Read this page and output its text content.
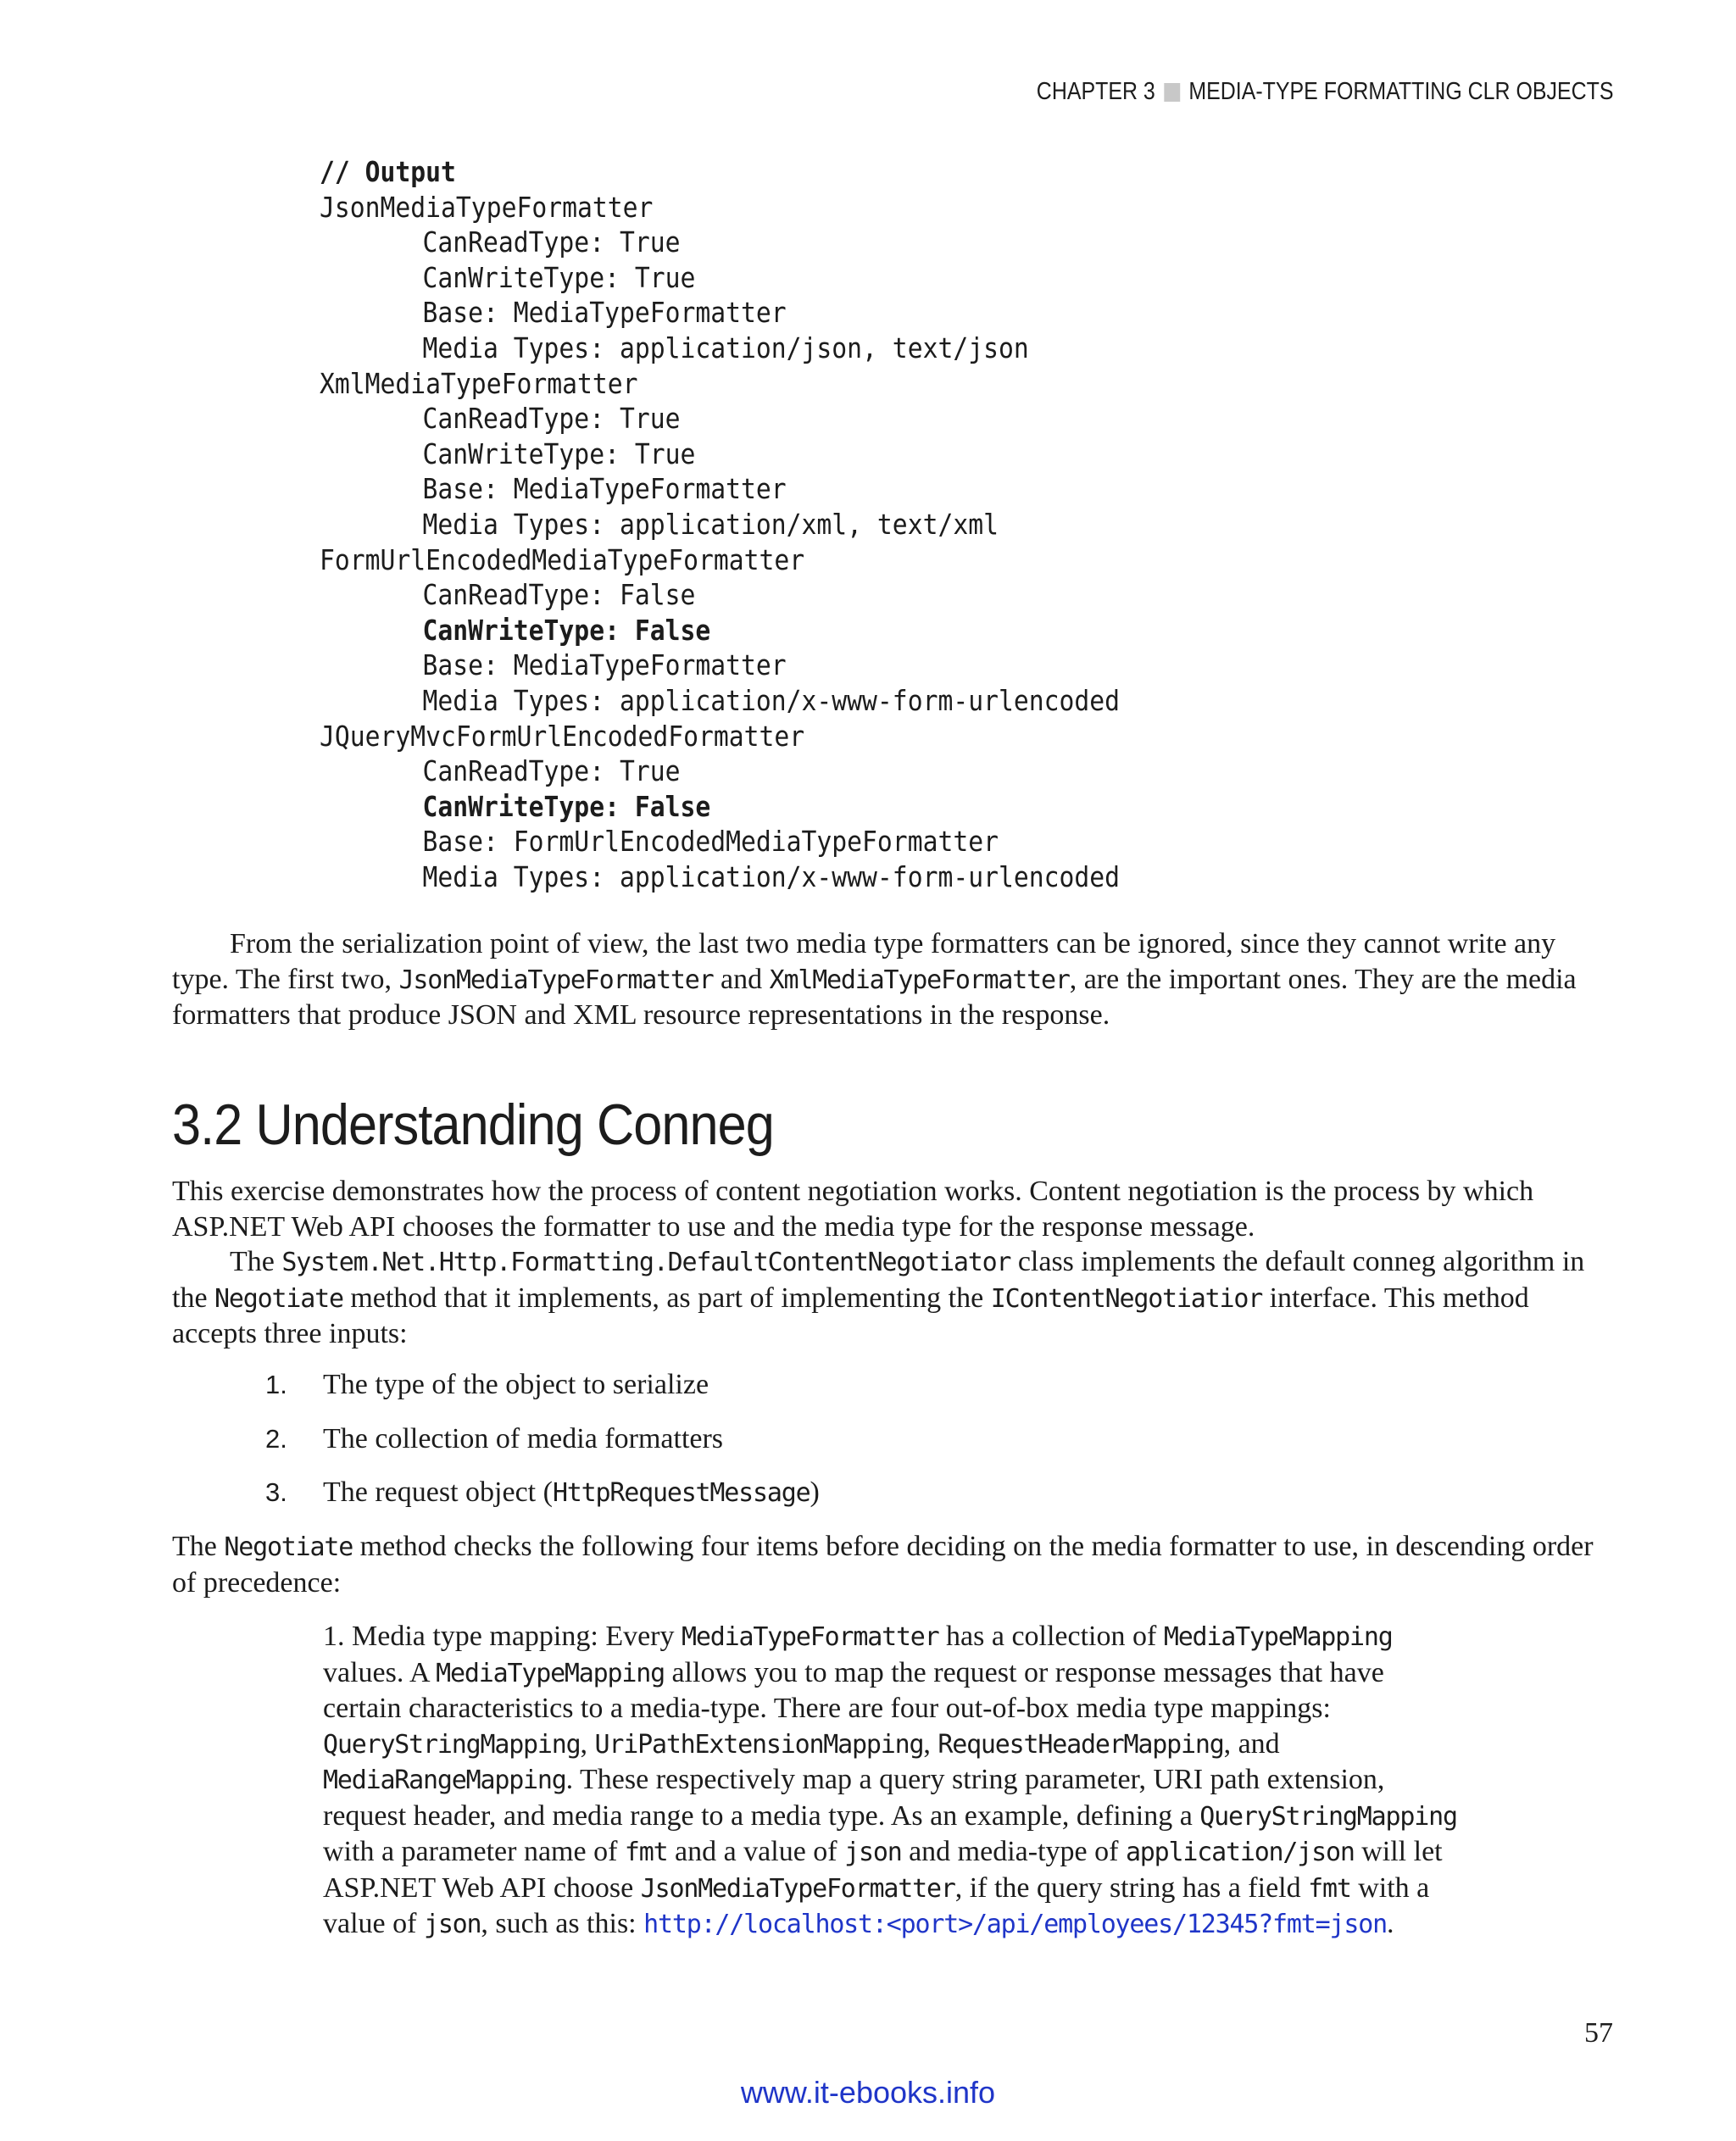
CHAPTER 3 MEDIA-TYPE FORMATTING CLR OBJECTS
// Output
JsonMediaTypeFormatter
CanReadType: True
CanWriteType: True
Base: MediaTypeFormatter
Media Types: application/json, text/json
XmlMediaTypeFormatter
CanReadType: True
CanWriteType: True
Base: MediaTypeFormatter
Media Types: application/xml, text/xml
FormUrlEncodedMediaTypeFormatter
CanReadType: False
CanWriteType: False
Base: MediaTypeFormatter
Media Types: application/x-www-form-urlencoded
JQueryMvcFormUrlEncodedFormatter
CanReadType: True
CanWriteType: False
Base: FormUrlEncodedMediaTypeFormatter
Media Types: application/x-www-form-urlencoded

From the serialization point of view, the last two media type formatters can be ignored, since they cannot write any type. The first two, JsonMediaTypeFormatter and XmlMediaTypeFormatter, are the important ones. They are the media formatters that produce JSON and XML resource representations in the response.

3.2 Understanding Conneg

This exercise demonstrates how the process of content negotiation works. Content negotiation is the process by which ASP.NET Web API chooses the formatter to use and the media type for the response message.

The System.Net.Http.Formatting.DefaultContentNegotiator class implements the default conneg algorithm in the Negotiate method that it implements, as part of implementing the IContentNegotiatior interface. This method accepts three inputs:

1. The type of the object to serialize
2. The collection of media formatters
3. The request object (HttpRequestMessage)

The Negotiate method checks the following four items before deciding on the media formatter to use, in descending order of precedence:

1. Media type mapping: Every MediaTypeFormatter has a collection of MediaTypeMapping values. A MediaTypeMapping allows you to map the request or response messages that have certain characteristics to a media-type. There are four out-of-box media type mappings: QueryStringMapping, UriPathExtensionMapping, RequestHeaderMapping, and MediaRangeMapping. These respectively map a query string parameter, URI path extension, request header, and media range to a media type. As an example, defining a QueryStringMapping with a parameter name of fmt and a value of json and media-type of application/json will let ASP.NET Web API choose JsonMediaTypeFormatter, if the query string has a field fmt with a value of json, such as this: http://localhost:<port>/api/employees/12345?fmt=json.
57
www.it-ebooks.info
